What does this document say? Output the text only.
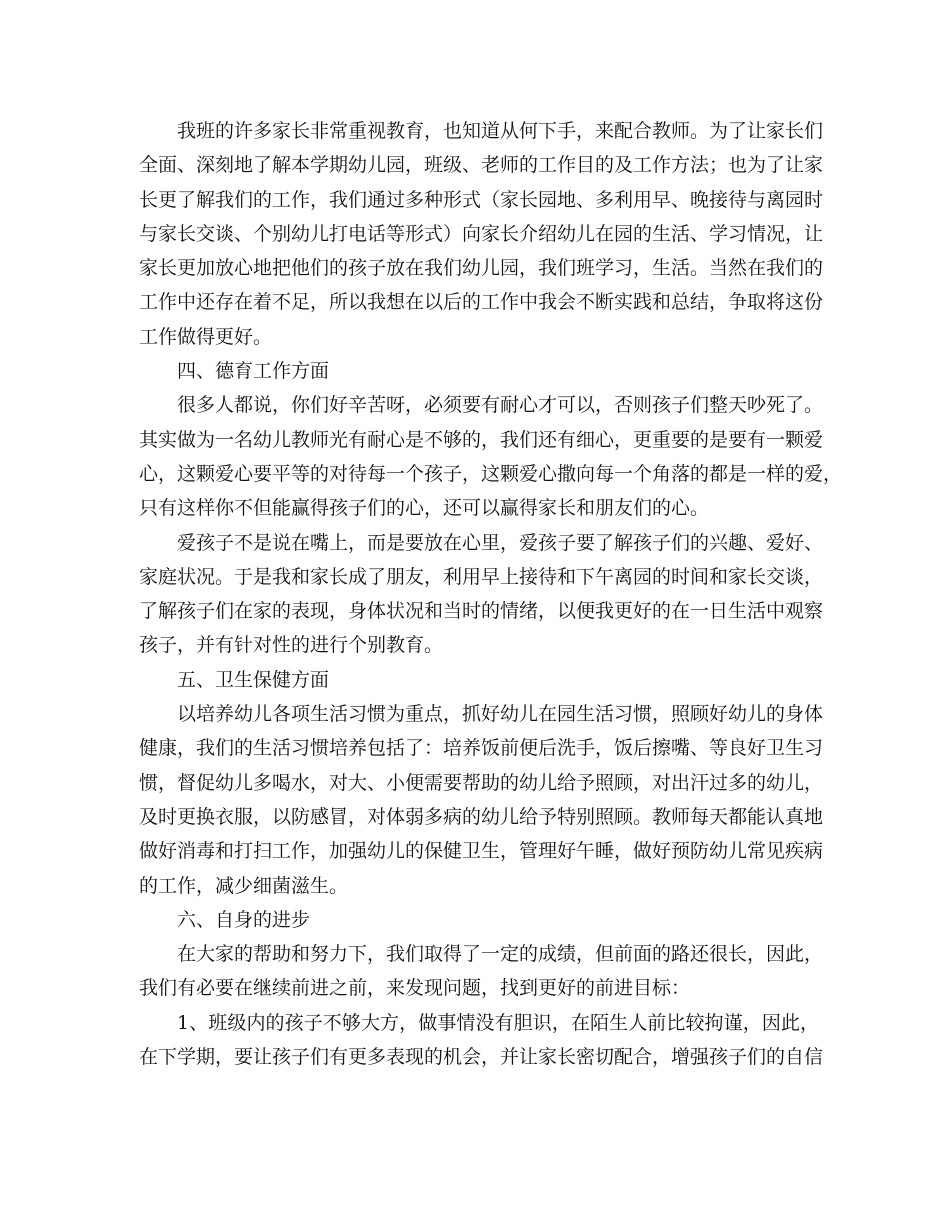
我班的许多家长非常重视教育，也知道从何下手，来配合教师。为了让家长们
全面、深刻地了解本学期幼儿园，班级、老师的工作目的及工作方法；也为了让家
长更了解我们的工作，我们通过多种形式（家长园地、多利用早、晚接待与离园时
与家长交谈、个别幼儿打电话等形式）向家长介绍幼儿在园的生活、学习情况，让
家长更加放心地把他们的孩子放在我们幼儿园，我们班学习，生活。当然在我们的
工作中还存在着不足，所以我想在以后的工作中我会不断实践和总结，争取将这份
工作做得更好。
四、德育工作方面
很多人都说，你们好辛苦呀，必须要有耐心才可以，否则孩子们整天吵死了。
其实做为一名幼儿教师光有耐心是不够的，我们还有细心，更重要的是要有一颗爱
心，这颗爱心要平等的对待每一个孩子，这颗爱心撒向每一个角落的都是一样的爱，
只有这样你不但能赢得孩子们的心，还可以赢得家长和朋友们的心。
爱孩子不是说在嘴上，而是要放在心里，爱孩子要了解孩子们的兴趣、爱好、
家庭状况。于是我和家长成了朋友，利用早上接待和下午离园的时间和家长交谈，
了解孩子们在家的表现，身体状况和当时的情绪，以便我更好的在一日生活中观察
孩子，并有针对性的进行个别教育。
五、卫生保健方面
以培养幼儿各项生活习惯为重点，抓好幼儿在园生活习惯，照顾好幼儿的身体
健康，我们的生活习惯培养包括了：培养饭前便后洗手，饭后擦嘴、等良好卫生习
惯，督促幼儿多喝水，对大、小便需要帮助的幼儿给予照顾，对出汗过多的幼儿，
及时更换衣服，以防感冒，对体弱多病的幼儿给予特别照顾。教师每天都能认真地
做好消毒和打扫工作，加强幼儿的保健卫生，管理好午睡，做好预防幼儿常见疾病
的工作，减少细菌滋生。
六、自身的进步
在大家的帮助和努力下，我们取得了一定的成绩，但前面的路还很长，因此，
我们有必要在继续前进之前，来发现问题，找到更好的前进目标：
1、班级内的孩子不够大方，做事情没有胆识，在陌生人前比较拘谨，因此，
在下学期，要让孩子们有更多表现的机会，并让家长密切配合，增强孩子们的自信
